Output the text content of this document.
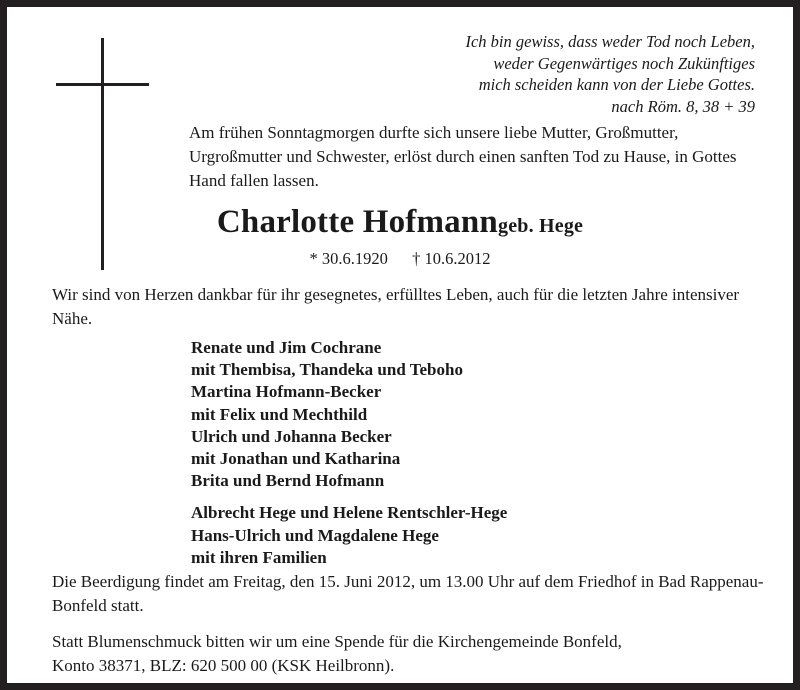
Ich bin gewiss, dass weder Tod noch Leben,
weder Gegenwärtiges noch Zukünftiges
mich scheiden kann von der Liebe Gottes.
nach Röm. 8, 38 + 39
Am frühen Sonntagmorgen durfte sich unsere liebe Mutter, Großmutter, Urgroßmutter und Schwester, erlöst durch einen sanften Tod zu Hause, in Gottes Hand fallen lassen.
Charlotte Hofmanngeb. Hege
* 30.6.1920 † 10.6.2012
Wir sind von Herzen dankbar für ihr gesegnetes, erfülltes Leben, auch für die letzten Jahre intensiver Nähe.
Renate und Jim Cochrane
mit Thembisa, Thandeka und Teboho
Martina Hofmann-Becker
mit Felix und Mechthild
Ulrich und Johanna Becker
mit Jonathan und Katharina
Brita und Bernd Hofmann
Albrecht Hege und Helene Rentschler-Hege
Hans-Ulrich und Magdalene Hege
mit ihren Familien
Die Beerdigung findet am Freitag, den 15. Juni 2012, um 13.00 Uhr auf dem Friedhof in Bad Rappenau-Bonfeld statt.
Statt Blumenschmuck bitten wir um eine Spende für die Kirchengemeinde Bonfeld,
Konto 38371, BLZ: 620 500 00 (KSK Heilbronn).
